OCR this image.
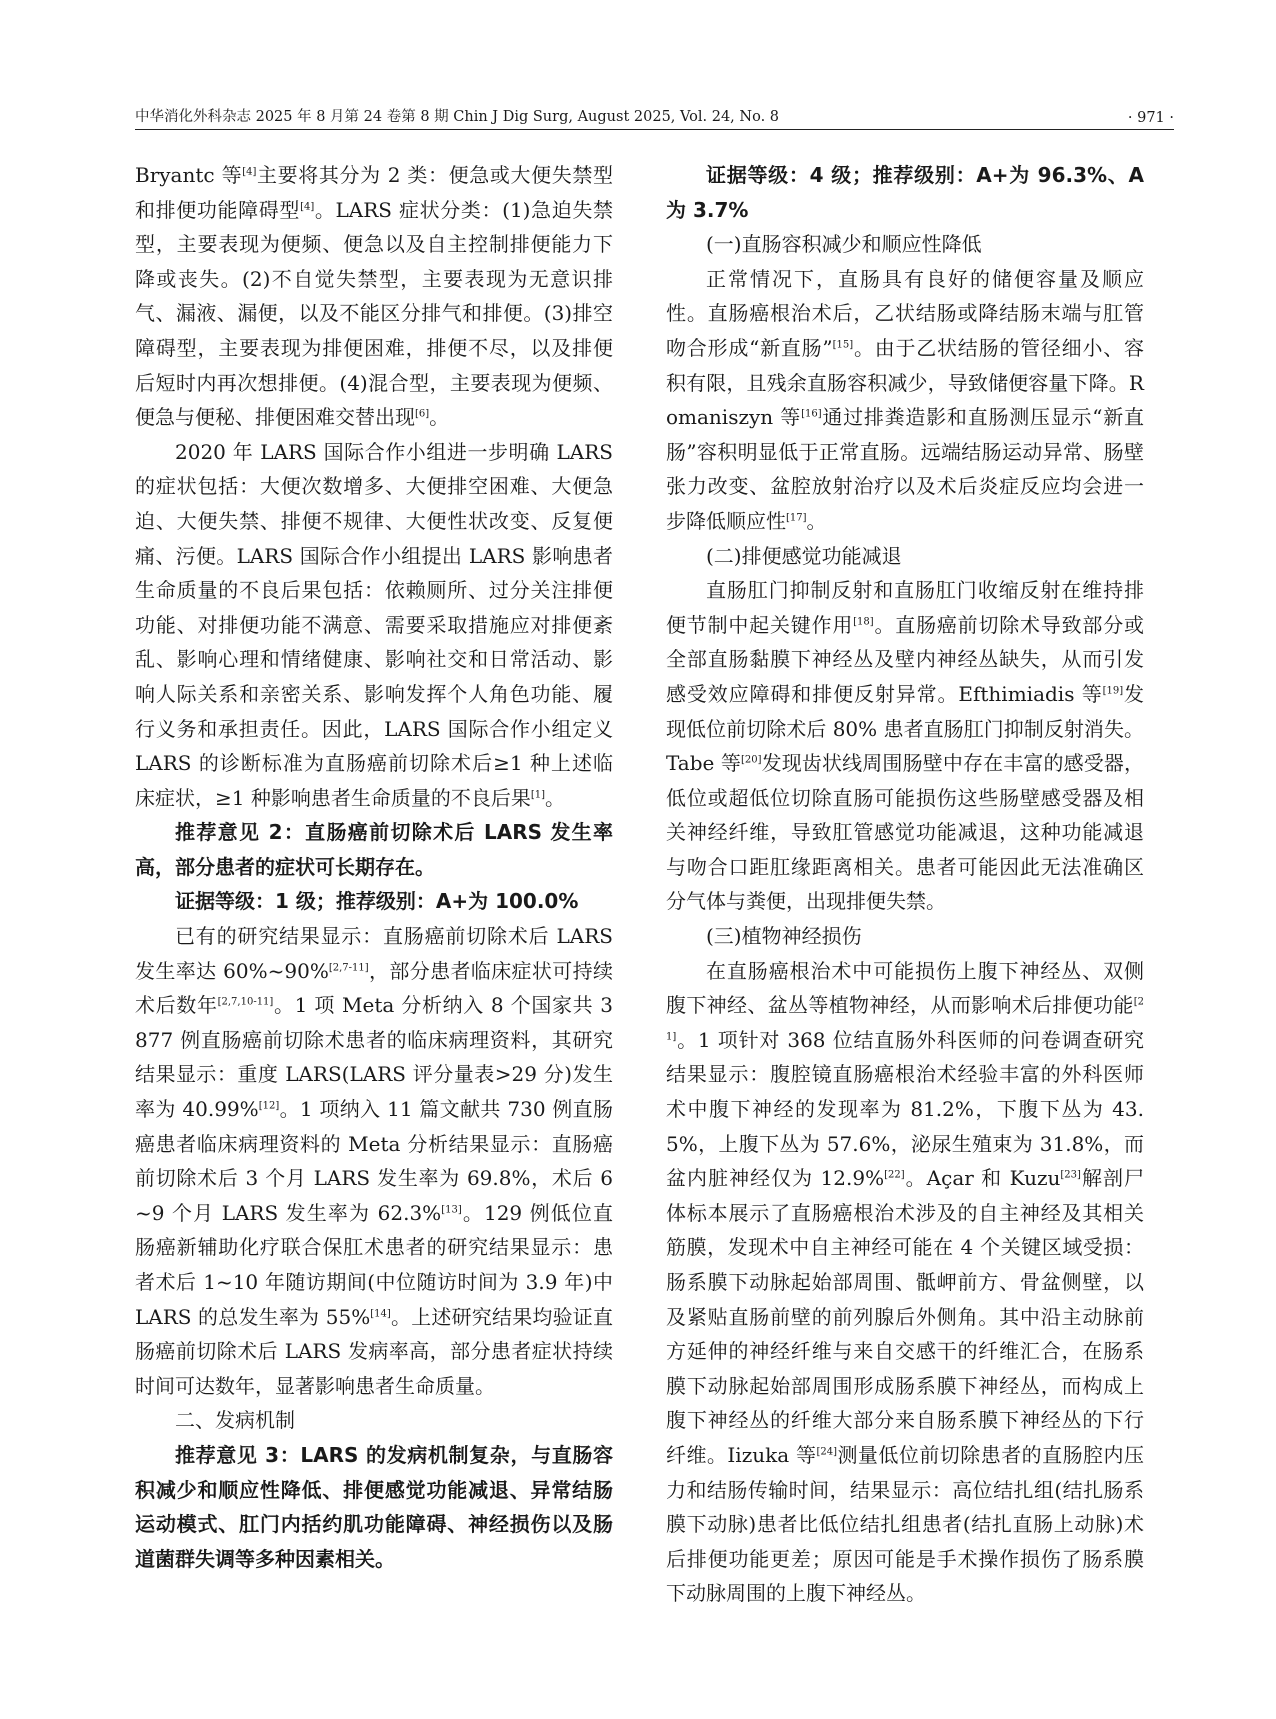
中华消化外科杂志 2025 年 8 月第 24 卷第 8 期 Chin J Dig Surg, August 2025, Vol. 24, No. 8	· 971 ·

Bryantc 等[4]主要将其分为 2 类：便急或大便失禁型和排便功能障碍型[4]。LARS 症状分类：(1)急迫失禁型，主要表现为便频、便急以及自主控制排便能力下降或丧失。(2)不自觉失禁型，主要表现为无意识排气、漏液、漏便，以及不能区分排气和排便。(3)排空障碍型，主要表现为排便困难，排便不尽，以及排便后短时内再次想排便。(4)混合型，主要表现为便频、便急与便秘、排便困难交替出现[6]。

2020 年 LARS 国际合作小组进一步明确 LARS 的症状包括：大便次数增多、大便排空困难、大便急迫、大便失禁、排便不规律、大便性状改变、反复便痛、污便。LARS 国际合作小组提出 LARS 影响患者生命质量的不良后果包括：依赖厕所、过分关注排便功能、对排便功能不满意、需要采取措施应对排便紊乱、影响心理和情绪健康、影响社交和日常活动、影响人际关系和亲密关系、影响发挥个人角色功能、履行义务和承担责任。因此，LARS 国际合作小组定义 LARS 的诊断标准为直肠癌前切除术后≥1 种上述临床症状，≥1 种影响患者生命质量的不良后果[1]。

推荐意见 2：直肠癌前切除术后 LARS 发生率高，部分患者的症状可长期存在。

证据等级：1 级；推荐级别：A+为 100.0%

已有的研究结果显示：直肠癌前切除术后 LARS 发生率达 60%~90%[2,7-11]，部分患者临床症状可持续术后数年[2,7,10-11]。1 项 Meta 分析纳入 8 个国家共 3 877 例直肠癌前切除术患者的临床病理资料，其研究结果显示：重度 LARS(LARS 评分量表>29 分)发生率为 40.99%[12]。1 项纳入 11 篇文献共 730 例直肠癌患者临床病理资料的 Meta 分析结果显示：直肠癌前切除术后 3 个月 LARS 发生率为 69.8%，术后 6~9 个月 LARS 发生率为 62.3%[13]。129 例低位直肠癌新辅助化疗联合保肛术患者的研究结果显示：患者术后 1~10 年随访期间(中位随访时间为 3.9 年)中 LARS 的总发生率为 55%[14]。上述研究结果均验证直肠癌前切除术后 LARS 发病率高，部分患者症状持续时间可达数年，显著影响患者生命质量。

二、发病机制

推荐意见 3：LARS 的发病机制复杂，与直肠容积减少和顺应性降低、排便感觉功能减退、异常结肠运动模式、肛门内括约肌功能障碍、神经损伤以及肠道菌群失调等多种因素相关。

证据等级：4 级；推荐级别：A+为 96.3%、A 为 3.7%

(一)直肠容积减少和顺应性降低

正常情况下，直肠具有良好的储便容量及顺应性。直肠癌根治术后，乙状结肠或降结肠末端与肛管吻合形成“新直肠”[15]。由于乙状结肠的管径细小、容积有限，且残余直肠容积减少，导致储便容量下降。Romaniszyn 等[16]通过排粪造影和直肠测压显示“新直肠”容积明显低于正常直肠。远端结肠运动异常、肠壁张力改变、盆腔放射治疗以及术后炎症反应均会进一步降低顺应性[17]。

(二)排便感觉功能减退

直肠肛门抑制反射和直肠肛门收缩反射在维持排便节制中起关键作用[18]。直肠癌前切除术导致部分或全部直肠黏膜下神经丛及壁内神经丛缺失，从而引发感受效应障碍和排便反射异常。Efthimiadis 等[19]发现低位前切除术后 80% 患者直肠肛门抑制反射消失。Tabe 等[20]发现齿状线周围肠壁中存在丰富的感受器，低位或超低位切除直肠可能损伤这些肠壁感受器及相关神经纤维，导致肛管感觉功能减退，这种功能减退与吻合口距肛缘距离相关。患者可能因此无法准确区分气体与粪便，出现排便失禁。

(三)植物神经损伤

在直肠癌根治术中可能损伤上腹下神经丛、双侧腹下神经、盆丛等植物神经，从而影响术后排便功能[21]。1 项针对 368 位结直肠外科医师的问卷调查研究结果显示：腹腔镜直肠癌根治术经验丰富的外科医师术中腹下神经的发现率为 81.2%，下腹下丛为 43.5%，上腹下丛为 57.6%，泌尿生殖束为 31.8%，而盆内脏神经仅为 12.9%[22]。Açar 和 Kuzu[23]解剖尸体标本展示了直肠癌根治术涉及的自主神经及其相关筋膜，发现术中自主神经可能在 4 个关键区域受损：肠系膜下动脉起始部周围、骶岬前方、骨盆侧壁，以及紧贴直肠前壁的前列腺后外侧角。其中沿主动脉前方延伸的神经纤维与来自交感干的纤维汇合，在肠系膜下动脉起始部周围形成肠系膜下神经丛，而构成上腹下神经丛的纤维大部分来自肠系膜下神经丛的下行纤维。Iizuka 等[24]测量低位前切除患者的直肠腔内压力和结肠传输时间，结果显示：高位结扎组(结扎肠系膜下动脉)患者比低位结扎组患者(结扎直肠上动脉)术后排便功能更差；原因可能是手术操作损伤了肠系膜下动脉周围的上腹下神经丛。
